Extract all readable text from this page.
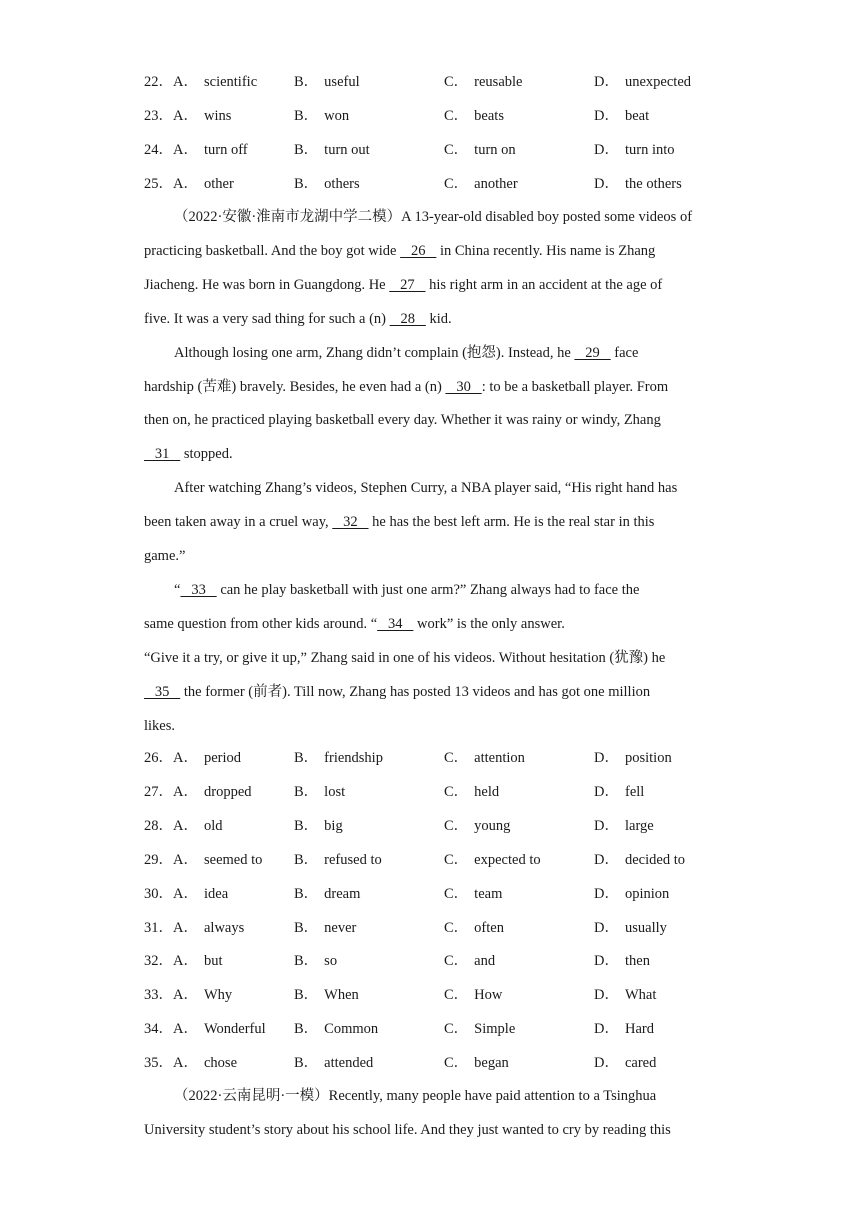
22．A． scientific	B． useful	C． reusable	D． unexpected
23．A． wins	B． won	C． beats	D． beat
24．A． turn off	B． turn out	C． turn on	D． turn into
25．A． other	B． others	C． another	D． the others
（2022·安徽·淮南市龙湖中学二模）A 13-year-old disabled boy posted some videos of
practicing basketball. And the boy got wide    26    in China recently. His name is Zhang
Jiacheng. He was born in Guangdong. He    27    his right arm in an accident at the age of
five. It was a very sad thing for such a (n)    28    kid.
Although losing one arm, Zhang didn’t complain (抱怨). Instead, he    29    face
hardship (苦难) bravely. Besides, he even had a (n)    30   : to be a basketball player. From
then on, he practiced playing basketball every day. Whether it was rainy or windy, Zhang
31    stopped.
After watching Zhang’s videos, Stephen Curry, a NBA player said, “His right hand has
been taken away in a cruel way,    32    he has the best left arm. He is the real star in this
game.”
“   33    can he play basketball with just one arm?” Zhang always had to face the
same question from other kids around. “   34    work” is the only answer.
“Give it a try, or give it up,” Zhang said in one of his videos. Without hesitation (犹豫) he
35    the former (前者). Till now, Zhang has posted 13 videos and has got one million
likes.
26．A． period	B． friendship	C． attention	D． position
27．A． dropped	B． lost	C． held	D． fell
28．A． old	B． big	C． young	D． large
29．A． seemed to B． refused to	C． expected to	D． decided to
30．A． idea	B． dream	C． team	D． opinion
31．A． always	B． never	C． often	D． usually
32．A． but	B． so	C． and	D． then
33．A． Why	B． When	C． How	D． What
34．A． Wonderful B． Common	C． Simple	D． Hard
35．A． chose	B． attended	C． began	D． cared
（2022·云南昆明·一模）Recently, many people have paid attention to a Tsinghua
University student’s story about his school life. And they just wanted to cry by reading this
